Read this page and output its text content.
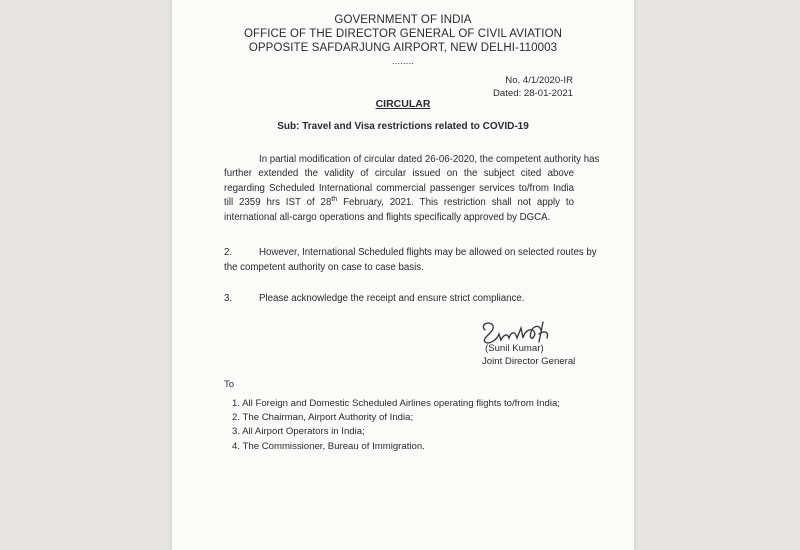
GOVERNMENT OF INDIA
OFFICE OF THE DIRECTOR GENERAL OF CIVIL AVIATION
OPPOSITE SAFDARJUNG AIRPORT, NEW DELHI-110003
........
No. 4/1/2020-IR
Dated: 28-01-2021
CIRCULAR
Sub: Travel and Visa restrictions related to COVID-19
In partial modification of circular dated 26-06-2020, the competent authority has
further extended the validity of circular issued on the subject cited above regarding Scheduled International commercial passenger services to/from India till 2359 hrs IST of 28th February, 2021. This restriction shall not apply to international all-cargo operations and flights specifically approved by DGCA.
2.	However, International Scheduled flights may be allowed on selected routes by
the competent authority on case to case basis.
3.	Please acknowledge the receipt and ensure strict compliance.
(Sunil Kumar)
Joint Director General
To
1. All Foreign and Domestic Scheduled Airlines operating flights to/from India;
2. The Chairman, Airport Authority of India;
3. All Airport Operators in India;
4. The Commissioner, Bureau of Immigration.
